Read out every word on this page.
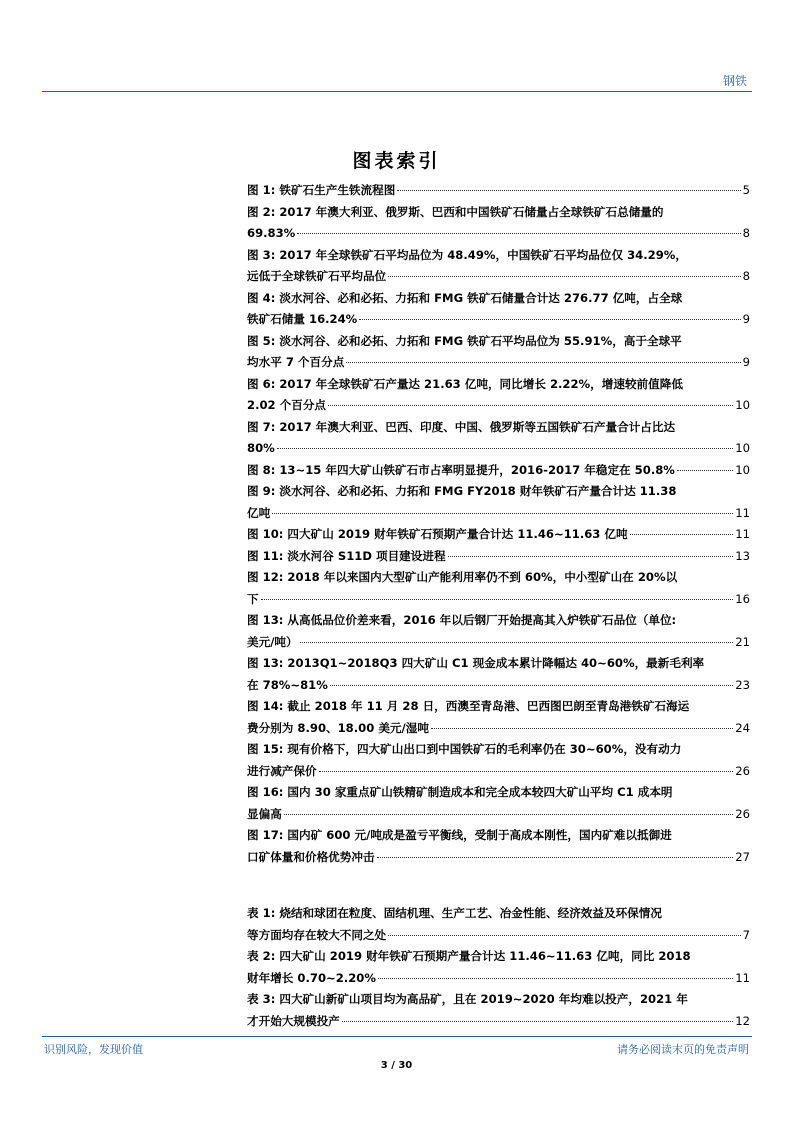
钢铁
图表索引
图 1: 铁矿石生产生铁流程图	5
图 2: 2017 年澳大利亚、俄罗斯、巴西和中国铁矿石储量占全球铁矿石总储量的
69.83%	8
图 3: 2017 年全球铁矿石平均品位为 48.49%，中国铁矿石平均品位仅 34.29%，
远低于全球铁矿石平均品位	8
图 4: 淡水河谷、必和必拓、力拓和 FMG 铁矿石储量合计达 276.77 亿吨，占全球
铁矿石储量 16.24%	9
图 5: 淡水河谷、必和必拓、力拓和 FMG 铁矿石平均品位为 55.91%，高于全球平
均水平 7 个百分点	9
图 6: 2017 年全球铁矿石产量达 21.63 亿吨，同比增长 2.22%，增速较前值降低
2.02 个百分点	10
图 7: 2017 年澳大利亚、巴西、印度、中国、俄罗斯等五国铁矿石产量合计占比达
80%	10
图 8: 13~15 年四大矿山铁矿石市占率明显提升，2016-2017 年稳定在 50.8%	10
图 9: 淡水河谷、必和必拓、力拓和 FMG FY2018 财年铁矿石产量合计达 11.38
亿吨	11
图 10: 四大矿山 2019 财年铁矿石预期产量合计达 11.46~11.63 亿吨	11
图 11: 淡水河谷 S11D 项目建设进程	13
图 12: 2018 年以来国内大型矿山产能利用率仍不到 60%，中小型矿山在 20%以
下	16
图 13: 从高低品位价差来看，2016 年以后钢厂开始提高其入炉铁矿石品位（单位:
美元/吨）	21
图 13: 2013Q1~2018Q3 四大矿山 C1 现金成本累计降幅达 40~60%，最新毛利率
在 78%~81%	23
图 14: 截止 2018 年 11 月 28 日，西澳至青岛港、巴西图巴朗至青岛港铁矿石海运
费分别为 8.90、18.00 美元/湿吨	24
图 15: 现有价格下，四大矿山出口到中国铁矿石的毛利率仍在 30~60%，没有动力
进行减产保价	26
图 16: 国内 30 家重点矿山铁精矿制造成本和完全成本较四大矿山平均 C1 成本明
显偏高	26
图 17: 国内矿 600 元/吨成是盈亏平衡线，受制于高成本刚性，国内矿难以抵御进
口矿体量和价格优势冲击	27
表 1: 烧结和球团在粒度、固结机理、生产工艺、冶金性能、经济效益及环保情况
等方面均存在较大不同之处	7
表 2: 四大矿山 2019 财年铁矿石预期产量合计达 11.46~11.63 亿吨，同比 2018
财年增长 0.70~2.20%	11
表 3: 四大矿山新矿山项目均为高品矿，且在 2019~2020 年均难以投产，2021 年
才开始大规模投产	12
识别风险，发现价值	请务必阅读末页的免责声明
3 / 30
